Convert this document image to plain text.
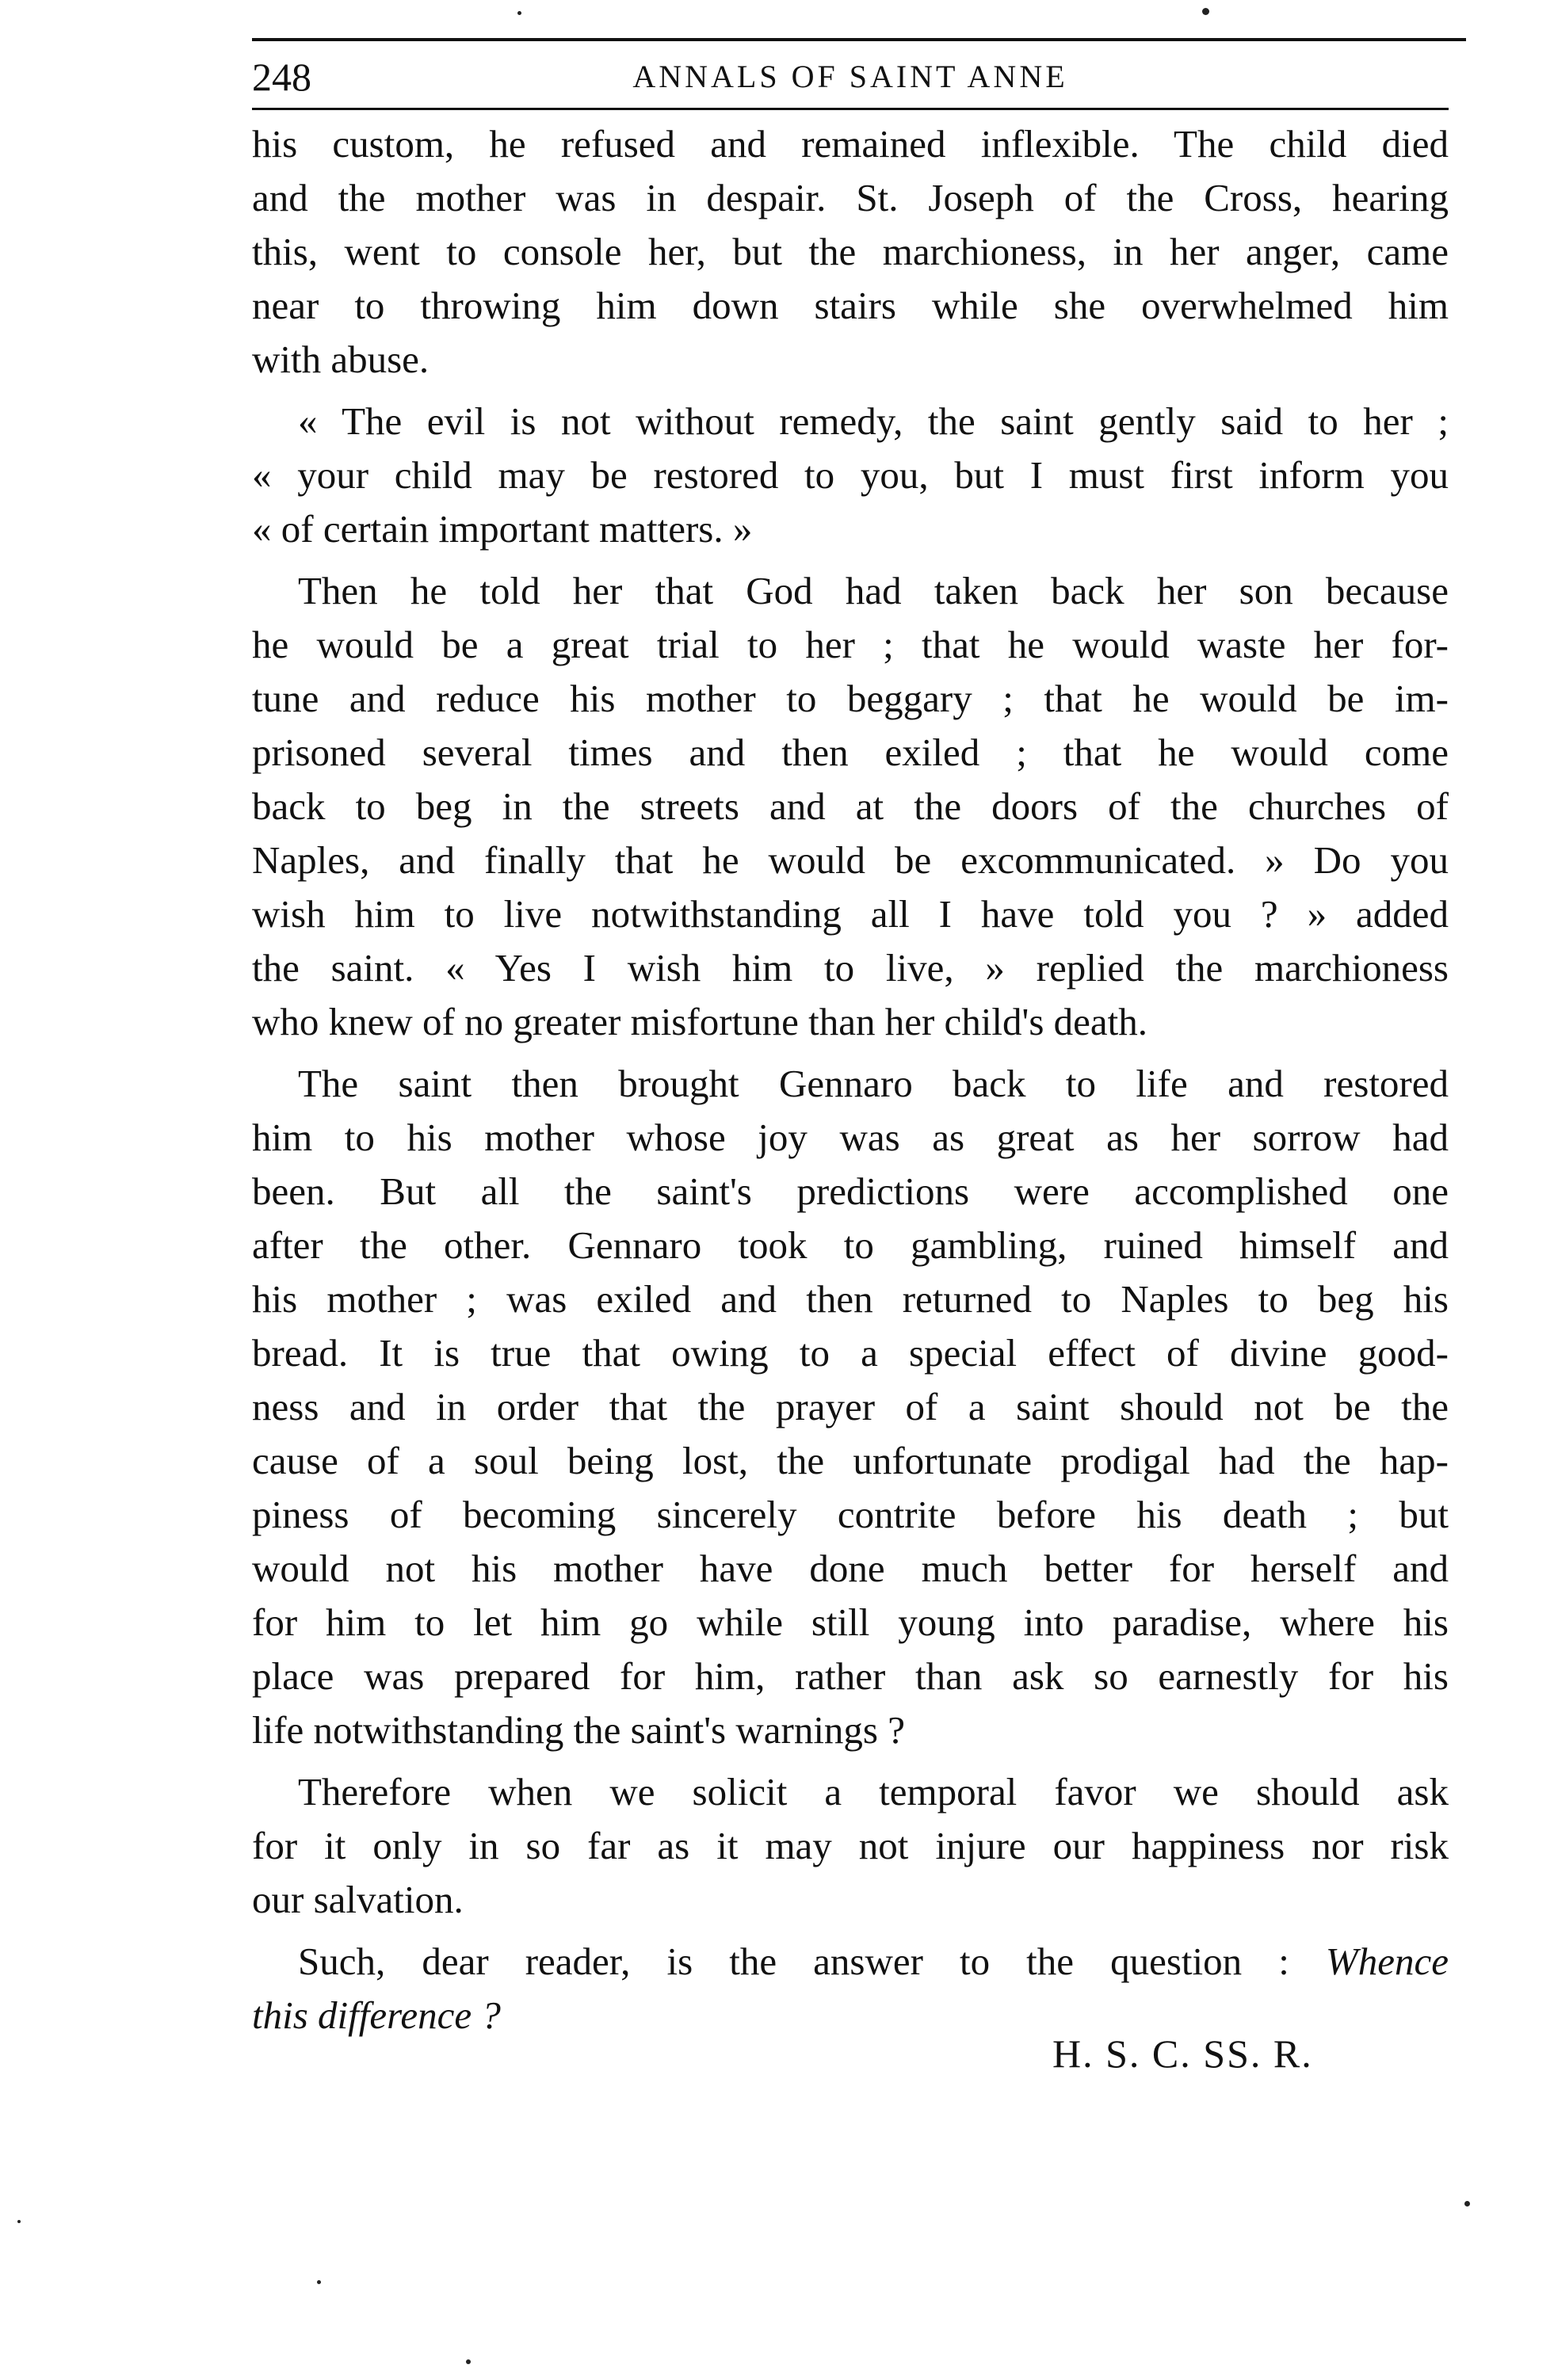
248	ANNALS OF SAINT ANNE
his custom, he refused and remained inflexible. The child died
and the mother was in despair. St. Joseph of the Cross, hearing
this, went to console her, but the marchioness, in her anger, came
near to throwing him down stairs while she overwhelmed him
with abuse.
« The evil is not without remedy, the saint gently said to her ;
« your child may be restored to you, but I must first inform you
« of certain important matters. »
Then he told her that God had taken back her son because
he would be a great trial to her ; that he would waste her for-
tune and reduce his mother to beggary ; that he would be im-
prisoned several times and then exiled ; that he would come
back to beg in the streets and at the doors of the churches of
Naples, and finally that he would be excommunicated. » Do you
wish him to live notwithstanding all I have told you ? » added
the saint. « Yes I wish him to live, » replied the marchioness
who knew of no greater misfortune than her child's death.
The saint then brought Gennaro back to life and restored
him to his mother whose joy was as great as her sorrow had
been. But all the saint's predictions were accomplished one
after the other. Gennaro took to gambling, ruined himself and
his mother ; was exiled and then returned to Naples to beg his
bread. It is true that owing to a special effect of divine good-
ness and in order that the prayer of a saint should not be the
cause of a soul being lost, the unfortunate prodigal had the hap-
piness of becoming sincerely contrite before his death ; but
would not his mother have done much better for herself and
for him to let him go while still young into paradise, where his
place was prepared for him, rather than ask so earnestly for his
life notwithstanding the saint's warnings ?
Therefore when we solicit a temporal favor we should ask
for it only in so far as it may not injure our happiness nor risk
our salvation.
Such, dear reader, is the answer to the question : Whence
this difference ?
H. S. C. SS. R.
